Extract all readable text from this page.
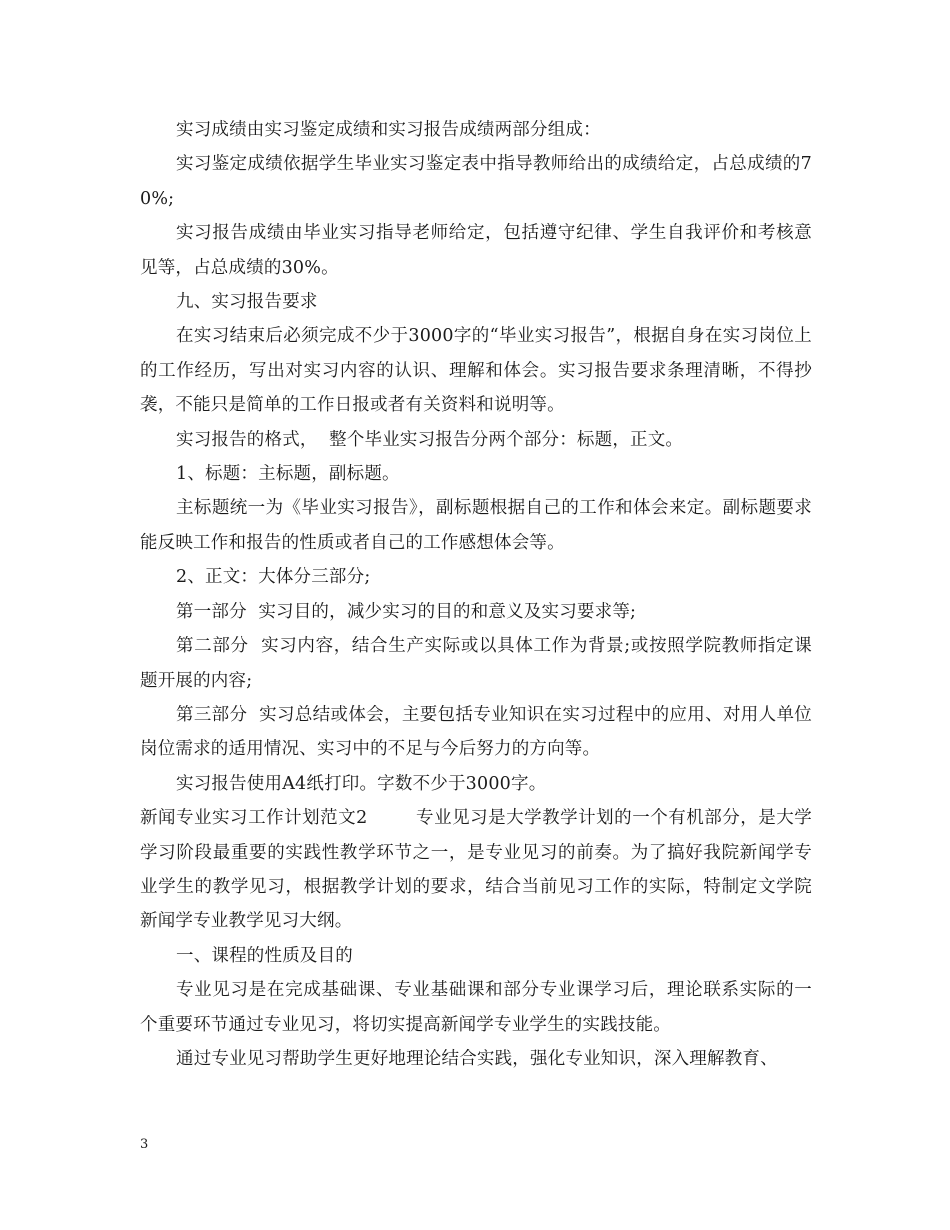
实习成绩由实习鉴定成绩和实习报告成绩两部分组成：

实习鉴定成绩依据学生毕业实习鉴定表中指导教师给出的成绩给定，占总成绩的70%;

实习报告成绩由毕业实习指导老师给定，包括遵守纪律、学生自我评价和考核意见等，占总成绩的30%。

九、实习报告要求

在实习结束后必须完成不少于3000字的“毕业实习报告”，根据自身在实习岗位上的工作经历，写出对实习内容的认识、理解和体会。实习报告要求条理清晰，不得抄袭，不能只是简单的工作日报或者有关资料和说明等。

实习报告的格式，  整个毕业实习报告分两个部分：标题，正文。

1、标题：主标题，副标题。

主标题统一为《毕业实习报告》，副标题根据自己的工作和体会来定。副标题要求能反映工作和报告的性质或者自己的工作感想体会等。

2、正文：大体分三部分;

第一部分  实习目的，减少实习的目的和意义及实习要求等;

第二部分  实习内容，结合生产实际或以具体工作为背景;或按照学院教师指定课题开展的内容;

第三部分  实习总结或体会，主要包括专业知识在实习过程中的应用、对用人单位岗位需求的适用情况、实习中的不足与今后努力的方向等。

实习报告使用A4纸打印。字数不少于3000字。

新闻专业实习工作计划范文2        专业见习是大学教学计划的一个有机部分，是大学学习阶段最重要的实践性教学环节之一，是专业见习的前奏。为了搞好我院新闻学专业学生的教学见习，根据教学计划的要求，结合当前见习工作的实际，特制定文学院新闻学专业教学见习大纲。

一、课程的性质及目的

专业见习是在完成基础课、专业基础课和部分专业课学习后，理论联系实际的一个重要环节通过专业见习，将切实提高新闻学专业学生的实践技能。

通过专业见习帮助学生更好地理论结合实践，强化专业知识，深入理解教育、

3
